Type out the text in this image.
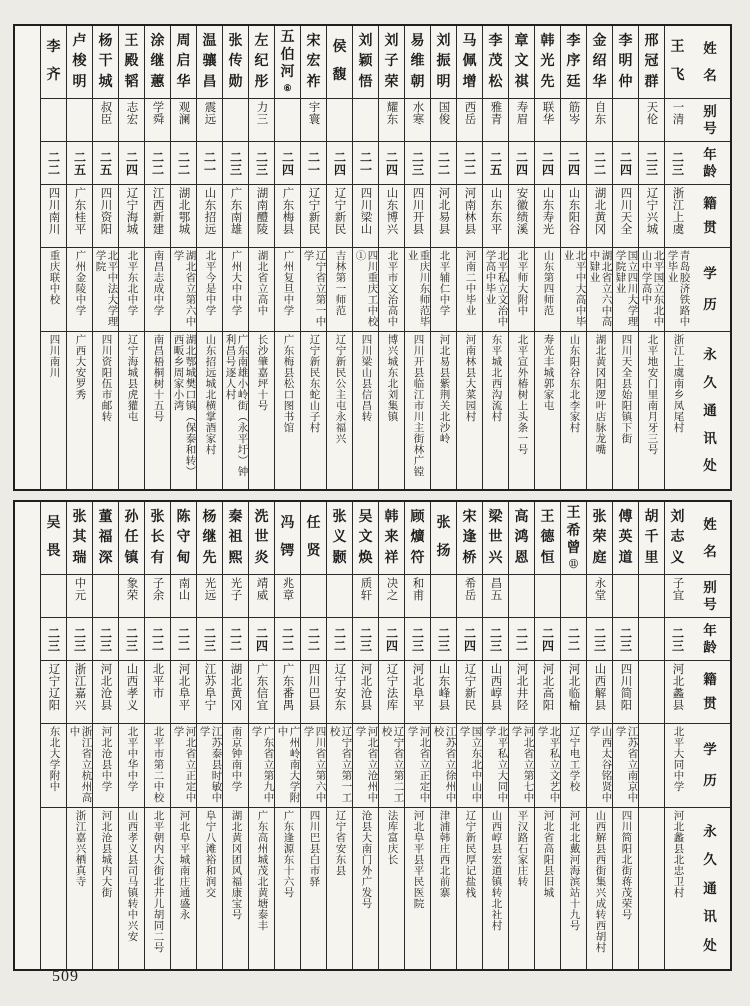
姓
名
别
号
年
龄
籍
贯
学
历
永
久
通
讯
处
王
飞
一清
二三
浙江上虞
青岛胶济铁路中学毕业
浙江上虞南乡凤尾村
邢
冠
群
天伦
二三
辽宁兴城
北平国立东北中山中学高中
北平地安门里南月牙三号
李
明
仲
二四
四川天全
国立四川大学理学院肄业
四川天全县始阳镇下街
金
绍
华
自东
二二
湖北黄冈
湖北省立六中高中肄业
湖北黄冈阳逻叶店脉龙嘴
李
序
廷
筋岑
二四
山东阳谷
北平中大高中毕业
山东阳谷东北李家村
韩
光
先
联华
二四
山东寿光
山东第四师范
寿光丰城郭家屯
章
文
祺
寿眉
二四
安徽绩溪
北平师大附中
北平宣外椿树上头条一号
李
茂
松
雅青
二五
山东东平
北平私立文治中学高中毕业
东平城北西沟流村
马
佩
增
西岳
二二
河南林县
河南二中毕业
河南林县大菜园村
刘
振
明
国俊
二二
河北易县
北平辅仁中学
河北易县紫荆关北沙岭
易
维
朝
水寒
二三
四川开县
重庆川东师范毕业
四川开县临江市川主街林广镗
刘
子
荣
耀东
二四
山东博兴
北平市文治高中
博兴城东北刘集镇
刘
颖
悟
二一
四川梁山
四川重庆工中校①
四川梁山县信昌转
侯
馥
二四
辽宁新民
吉林第一师范
辽宁新民公主屯永福兴
宋
宏
祚
宇寰
二一
辽宁新民
辽宁省立第一中学
辽宁新民东蛇山子村
五
伯
河
⑥
二四
广东梅县
广州复旦中学
广东梅县松口图书馆
左
纪
彤
力三
二三
湖南醴陵
湖北省立高中
长沙肇嘉坪十号
张
传
勋
二三
广东南雄
广州大中中学
广东南雄小岭街（永平圩）钟利昌号逐人村
温
骧
昌
震远
二一
山东招远
北平今是中学
山东招远城北横掌酒家村
周
启
华
观澜
二二
湖北鄂城
湖北省立第六中学
湖北鄂城樊口镇（保泰和转）西畈乡周家小湾
涂
继
蕙
学舜
二二
江西新建
南昌志成中学
南昌梧桐树十五号
王
殿
韬
志宏
二四
辽宁海城
北平东北中学
辽宁海城县虎獾屯
杨
干
城
叔臣
二五
四川资阳
北平中法大学理学院
四川资阳伍市邮转
卢
梭
明
二五
广东桂平
广州金陵中学
广西大安罗秀
李
齐
二二
四川南川
重庆联中校
四川南川
姓
名
别
号
年
龄
籍
贯
学
历
永
久
通
讯
处
刘
志
义
子宜
二三
河北蠡县
北平大同中学
河北蠡县北忠卫村
胡
千
里
傅
英
道
二三
四川简阳
江苏省立南京中学
四川简阳北街蒋茂荣号
张
荣
庭
永堂
二三
山西解县
山西太谷铭贤中学
山西解县西街集兴成转西胡村
王
希
曾
⑪
二二
河北临榆
辽宁电工学校
河北北戴河海滨站十九号
王
德
恒
二四
河北高阳
北平私立文艺中学
河北省高阳县旧城
高
鸿
恩
二二
河北井陉
河北省立第七中学
平汉路石家庄转
梁
世
兴
昌五
二三
山西崞县
北平私立大同中学
山西崞县宏道镇转北社村
宋
逢
桥
希岳
二四
辽宁新民
国立东北中山中学
辽宁新民厚记盐栈
张
扬
二三
山东峰县
江苏省立徐州中校
津浦韩庄西北前寨
顾
爌
符
和甫
二三
河北阜平
河北省立正定中学
河北阜平县平民医院
韩
来
祥
决之
二四
辽宁法库
辽宁省立第二工校
法库富庆长
吴
文
焕
质轩
二三
河北沧县
河北省立沧州中学
沧县大南门外广发号
张
义
颢
二二
辽宁安东
辽宁省立第一工校
辽宁省安东县
任
贤
二二
四川巴县
四川省立第六中学
四川巴县白市驿
冯
锷
兆章
二二
广东番禺
广州岭南大学附中
广东逢源东十六号
洗
世
炎
靖威
二四
广东信宜
广东省立第九中学
广东高州城茂北黄塘泰丰
秦
祖
熙
光子
二二
湖北黄冈
南京钟南中学
湖北黄冈团风福康宝号
杨
继
先
光远
二三
江苏阜宁
江苏泰县时敏中学
阜宁八滩裕和润交
陈
守
甸
南山
二二
河北阜平
河北省立正定中学
河北阜平城南庄通盛永
张
长
有
子余
二二
北平市
北平市第二中校
北平朝内大街北井儿胡同二号
孙
任
镇
象荣
二三
山西孝义
北平中华中学
山西孝义县司马镇转中兴安
董
福
深
二三
河北沧县
河北沧县中学
河北沧县城内大街
张
其
瑞
中元
二三
浙江嘉兴
浙江省立杭州高中
浙江嘉兴栖真寺
吴
畏
二三
辽宁辽阳
东北大学附中
509
